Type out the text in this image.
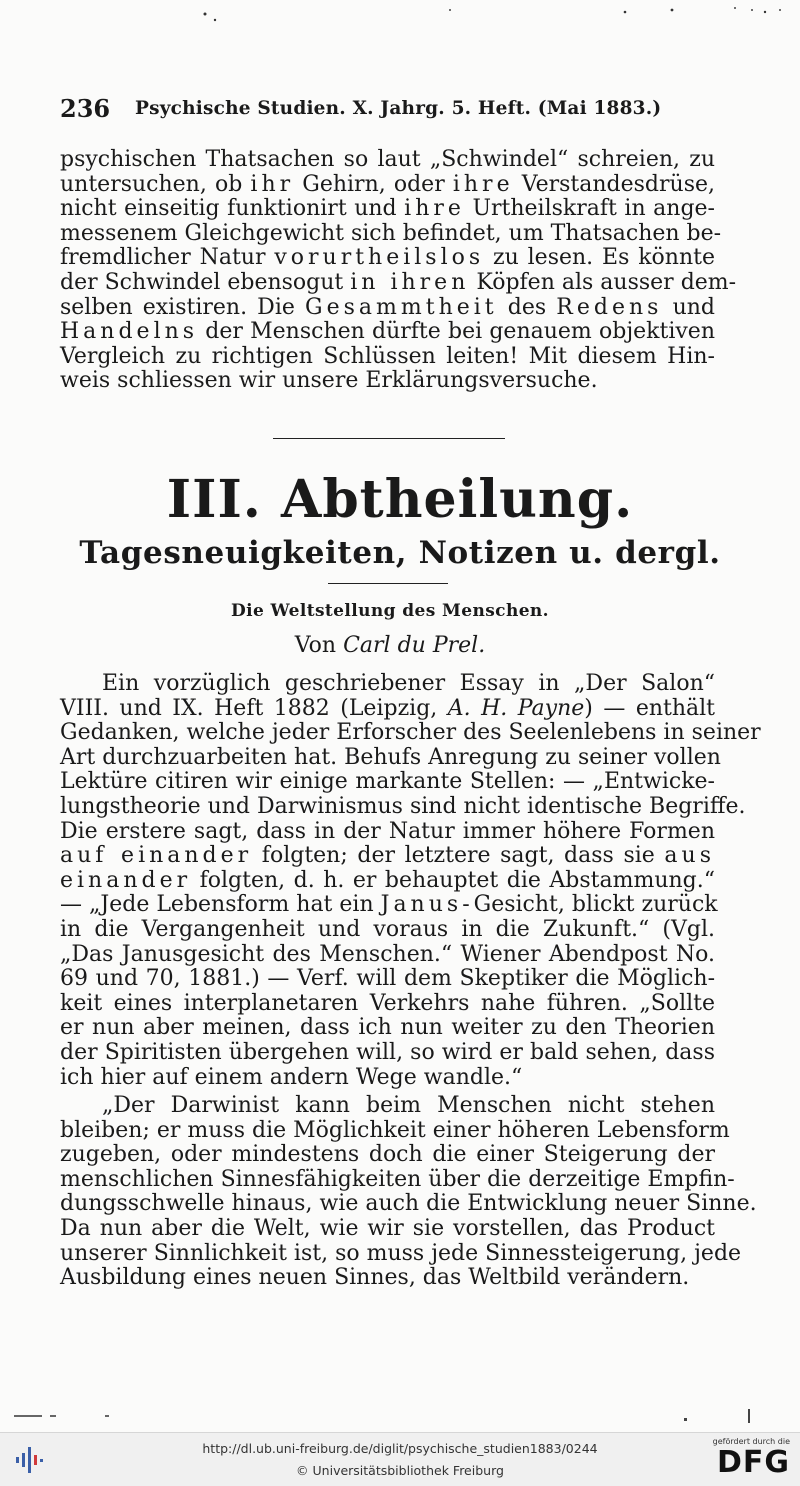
236 Psychische Studien. X. Jahrg. 5. Heft. (Mai 1883.)
psychischen Thatsachen so laut „Schwindel“ schreien, zu
untersuchen, ob ihr Gehirn, oder ihre Verstandesdrüse,
nicht einseitig funktionirt und ihre Urtheilskraft in ange-
messenem Gleichgewicht sich befindet, um Thatsachen be-
fremdlicher Natur vorurtheilslos zu lesen. Es könnte
der Schwindel ebensogut in ihren Köpfen als ausser dem-
selben existiren. Die Gesammtheit des Redens und
Handelns der Menschen dürfte bei genauem objektiven
Vergleich zu richtigen Schlüssen leiten! Mit diesem Hin-
weis schliessen wir unsere Erklärungsversuche.
III. Abtheilung.
Tagesneuigkeiten, Notizen u. dergl.
Die Weltstellung des Menschen.
Von Carl du Prel.
Ein vorzüglich geschriebener Essay in „Der Salon“
VIII. und IX. Heft 1882 (Leipzig, A. H. Payne) — enthält
Gedanken, welche jeder Erforscher des Seelenlebens in seiner
Art durchzuarbeiten hat. Behufs Anregung zu seiner vollen
Lektüre citiren wir einige markante Stellen: — „Entwicke-
lungstheorie und Darwinismus sind nicht identische Begriffe.
Die erstere sagt, dass in der Natur immer höhere Formen
auf einander folgten; der letztere sagt, dass sie aus
einander folgten, d. h. er behauptet die Abstammung.“
— „Jede Lebensform hat ein Janus-Gesicht, blickt zurück
in die Vergangenheit und voraus in die Zukunft.“ (Vgl.
„Das Janusgesicht des Menschen.“ Wiener Abendpost No.
69 und 70, 1881.) — Verf. will dem Skeptiker die Möglich-
keit eines interplanetaren Verkehrs nahe führen. „Sollte
er nun aber meinen, dass ich nun weiter zu den Theorien
der Spiritisten übergehen will, so wird er bald sehen, dass
ich hier auf einem andern Wege wandle.“
„Der Darwinist kann beim Menschen nicht stehen
bleiben; er muss die Möglichkeit einer höheren Lebensform
zugeben, oder mindestens doch die einer Steigerung der
menschlichen Sinnesfähigkeiten über die derzeitige Empfin-
dungsschwelle hinaus, wie auch die Entwicklung neuer Sinne.
Da nun aber die Welt, wie wir sie vorstellen, das Product
unserer Sinnlichkeit ist, so muss jede Sinnessteigerung, jede
Ausbildung eines neuen Sinnes, das Weltbild verändern.
http://dl.ub.uni-freiburg.de/diglit/psychische_studien1883/0244
© Universitätsbibliothek Freiburg
gefördert durch die
DFG
